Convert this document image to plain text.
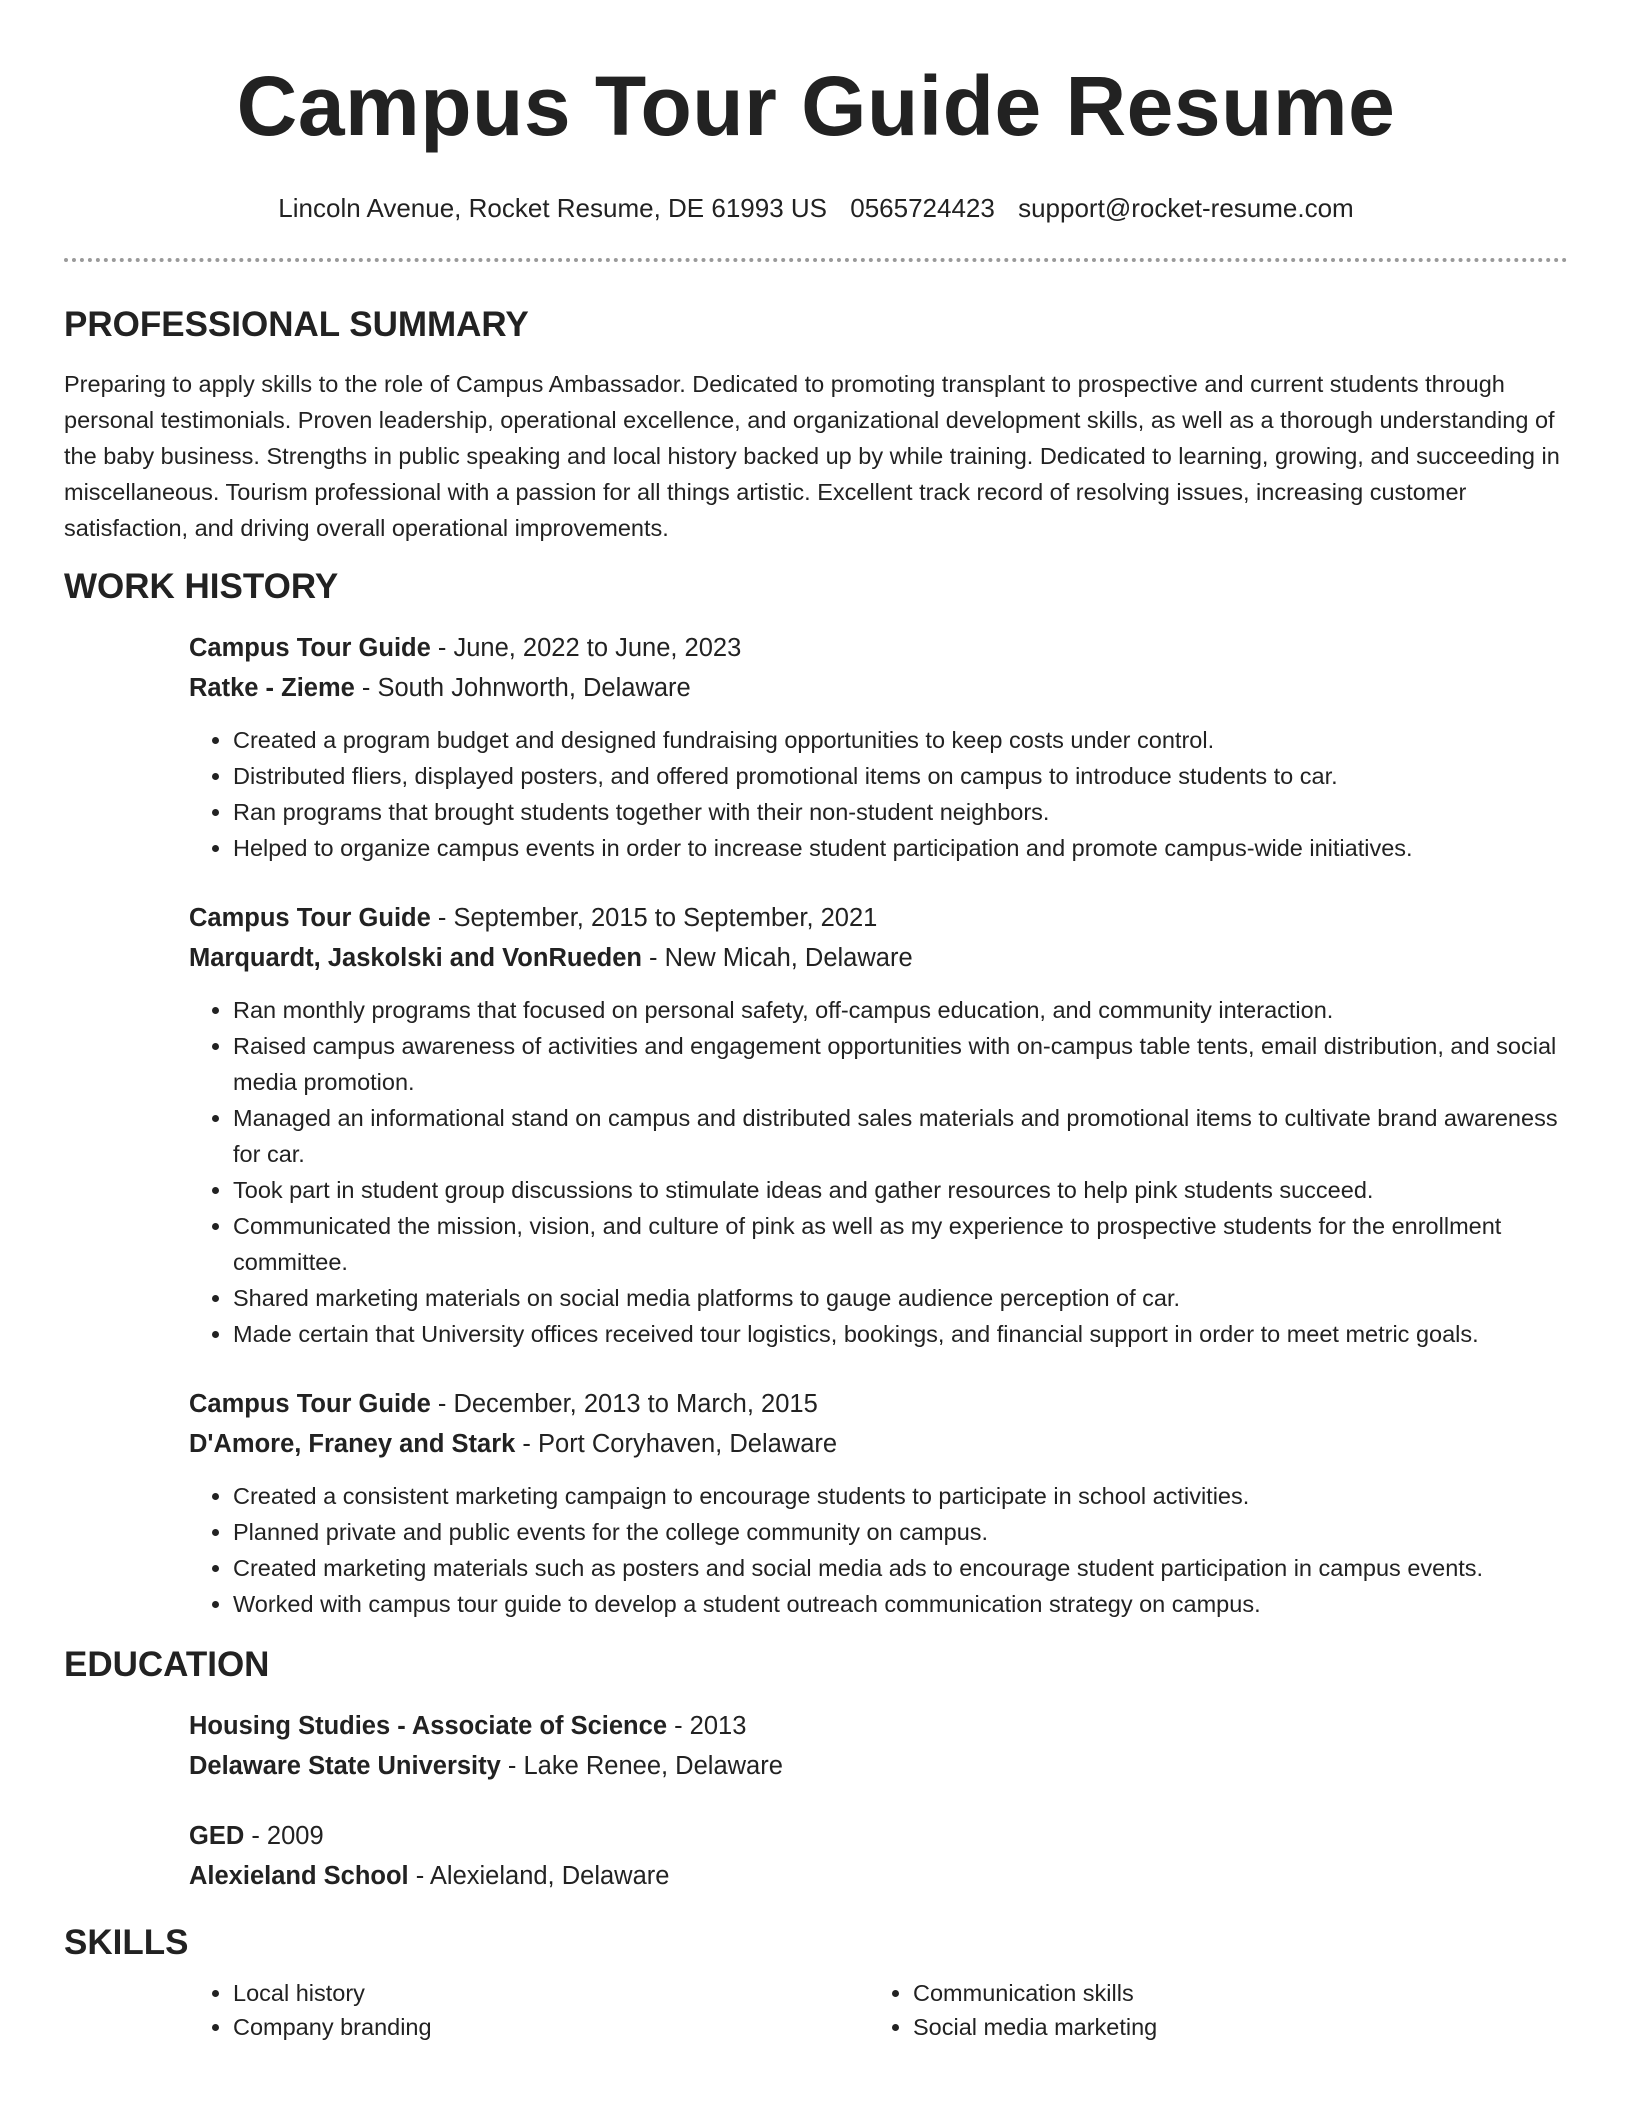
Campus Tour Guide Resume
Lincoln Avenue, Rocket Resume, DE 61993 US 0565724423 support@rocket-resume.com
PROFESSIONAL SUMMARY

Preparing to apply skills to the role of Campus Ambassador. Dedicated to promoting transplant to prospective and current students through personal testimonials. Proven leadership, operational excellence, and organizational development skills, as well as a thorough understanding of the baby business. Strengths in public speaking and local history backed up by while training. Dedicated to learning, growing, and succeeding in miscellaneous. Tourism professional with a passion for all things artistic. Excellent track record of resolving issues, increasing customer satisfaction, and driving overall operational improvements.

WORK HISTORY
Campus Tour Guide - June, 2022 to June, 2023
Ratke - Zieme - South Johnworth, Delaware
• Created a program budget and designed fundraising opportunities to keep costs under control.
• Distributed fliers, displayed posters, and offered promotional items on campus to introduce students to car.
• Ran programs that brought students together with their non-student neighbors.
• Helped to organize campus events in order to increase student participation and promote campus-wide initiatives.
Campus Tour Guide - September, 2015 to September, 2021
Marquardt, Jaskolski and VonRueden - New Micah, Delaware
• Ran monthly programs that focused on personal safety, off-campus education, and community interaction.
• Raised campus awareness of activities and engagement opportunities with on-campus table tents, email distribution, and social media promotion.
• Managed an informational stand on campus and distributed sales materials and promotional items to cultivate brand awareness for car.
• Took part in student group discussions to stimulate ideas and gather resources to help pink students succeed.
• Communicated the mission, vision, and culture of pink as well as my experience to prospective students for the enrollment committee.
• Shared marketing materials on social media platforms to gauge audience perception of car.
• Made certain that University offices received tour logistics, bookings, and financial support in order to meet metric goals.
Campus Tour Guide - December, 2013 to March, 2015
D'Amore, Franey and Stark - Port Coryhaven, Delaware
• Created a consistent marketing campaign to encourage students to participate in school activities.
• Planned private and public events for the college community on campus.
• Created marketing materials such as posters and social media ads to encourage student participation in campus events.
• Worked with campus tour guide to develop a student outreach communication strategy on campus.
EDUCATION
Housing Studies - Associate of Science - 2013
Delaware State University - Lake Renee, Delaware
GED - 2009
Alexieland School - Alexieland, Delaware
SKILLS
• Local history
• Company branding
• Communication skills
• Social media marketing
